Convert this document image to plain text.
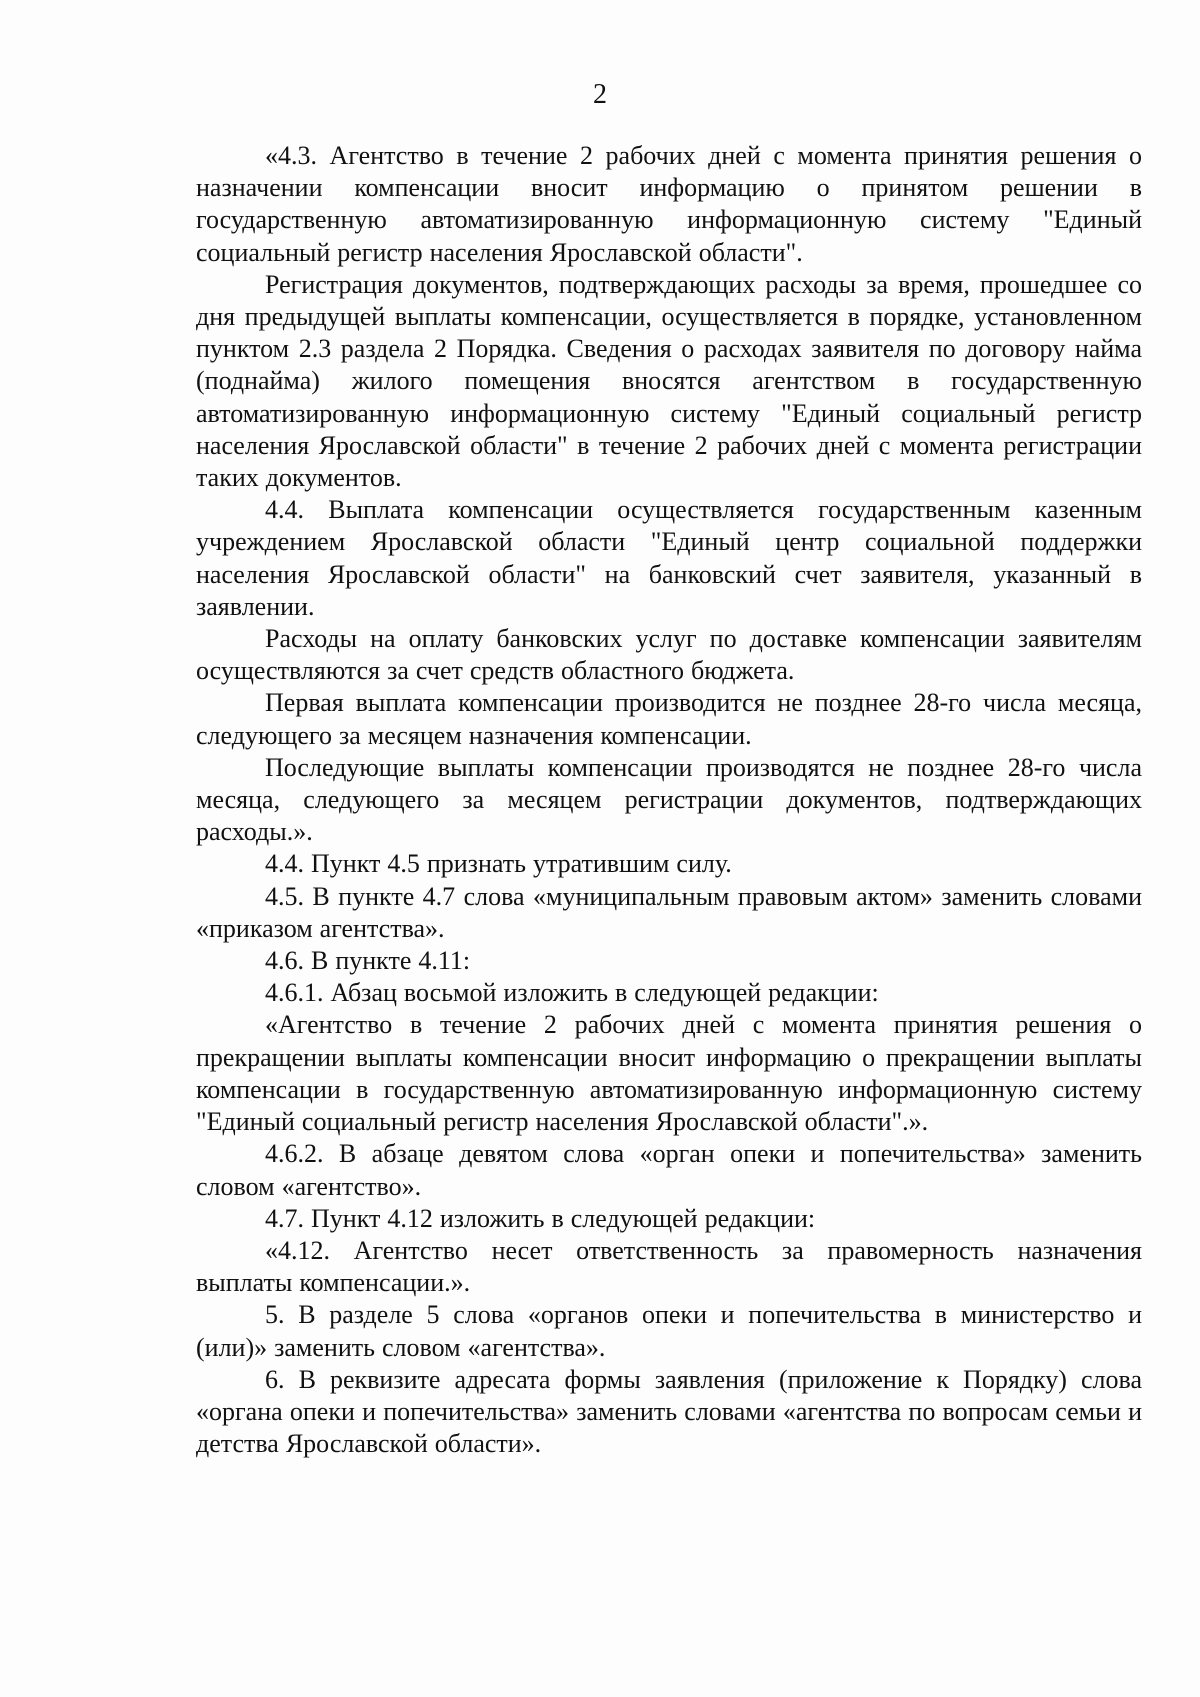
2

«4.3. Агентство в течение 2 рабочих дней с момента принятия решения о назначении компенсации вносит информацию о принятом решении в государственную автоматизированную информационную систему "Единый социальный регистр населения Ярославской области".

Регистрация документов, подтверждающих расходы за время, прошедшее со дня предыдущей выплаты компенсации, осуществляется в порядке, установленном пунктом 2.3 раздела 2 Порядка. Сведения о расходах заявителя по договору найма (поднайма) жилого помещения вносятся агентством в государственную автоматизированную информационную систему "Единый социальный регистр населения Ярославской области" в течение 2 рабочих дней с момента регистрации таких документов.

4.4. Выплата компенсации осуществляется государственным казенным учреждением Ярославской области "Единый центр социальной поддержки населения Ярославской области" на банковский счет заявителя, указанный в заявлении.

Расходы на оплату банковских услуг по доставке компенсации заявителям осуществляются за счет средств областного бюджета.

Первая выплата компенсации производится не позднее 28-го числа месяца, следующего за месяцем назначения компенсации.

Последующие выплаты компенсации производятся не позднее 28-го числа месяца, следующего за месяцем регистрации документов, подтверждающих расходы.».

4.4. Пункт 4.5 признать утратившим силу.

4.5. В пункте 4.7 слова «муниципальным правовым актом» заменить словами «приказом агентства».

4.6. В пункте 4.11:

4.6.1. Абзац восьмой изложить в следующей редакции:

«Агентство в течение 2 рабочих дней с момента принятия решения о прекращении выплаты компенсации вносит информацию о прекращении выплаты компенсации в государственную автоматизированную информационную систему "Единый социальный регистр населения Ярославской области".».

4.6.2. В абзаце девятом слова «орган опеки и попечительства» заменить словом «агентство».

4.7. Пункт 4.12 изложить в следующей редакции:

«4.12. Агентство несет ответственность за правомерность назначения выплаты компенсации.».

5. В разделе 5 слова «органов опеки и попечительства в министерство и (или)» заменить словом «агентства».

6. В реквизите адресата формы заявления (приложение к Порядку) слова «органа опеки и попечительства» заменить словами «агентства по вопросам семьи и детства Ярославской области».
